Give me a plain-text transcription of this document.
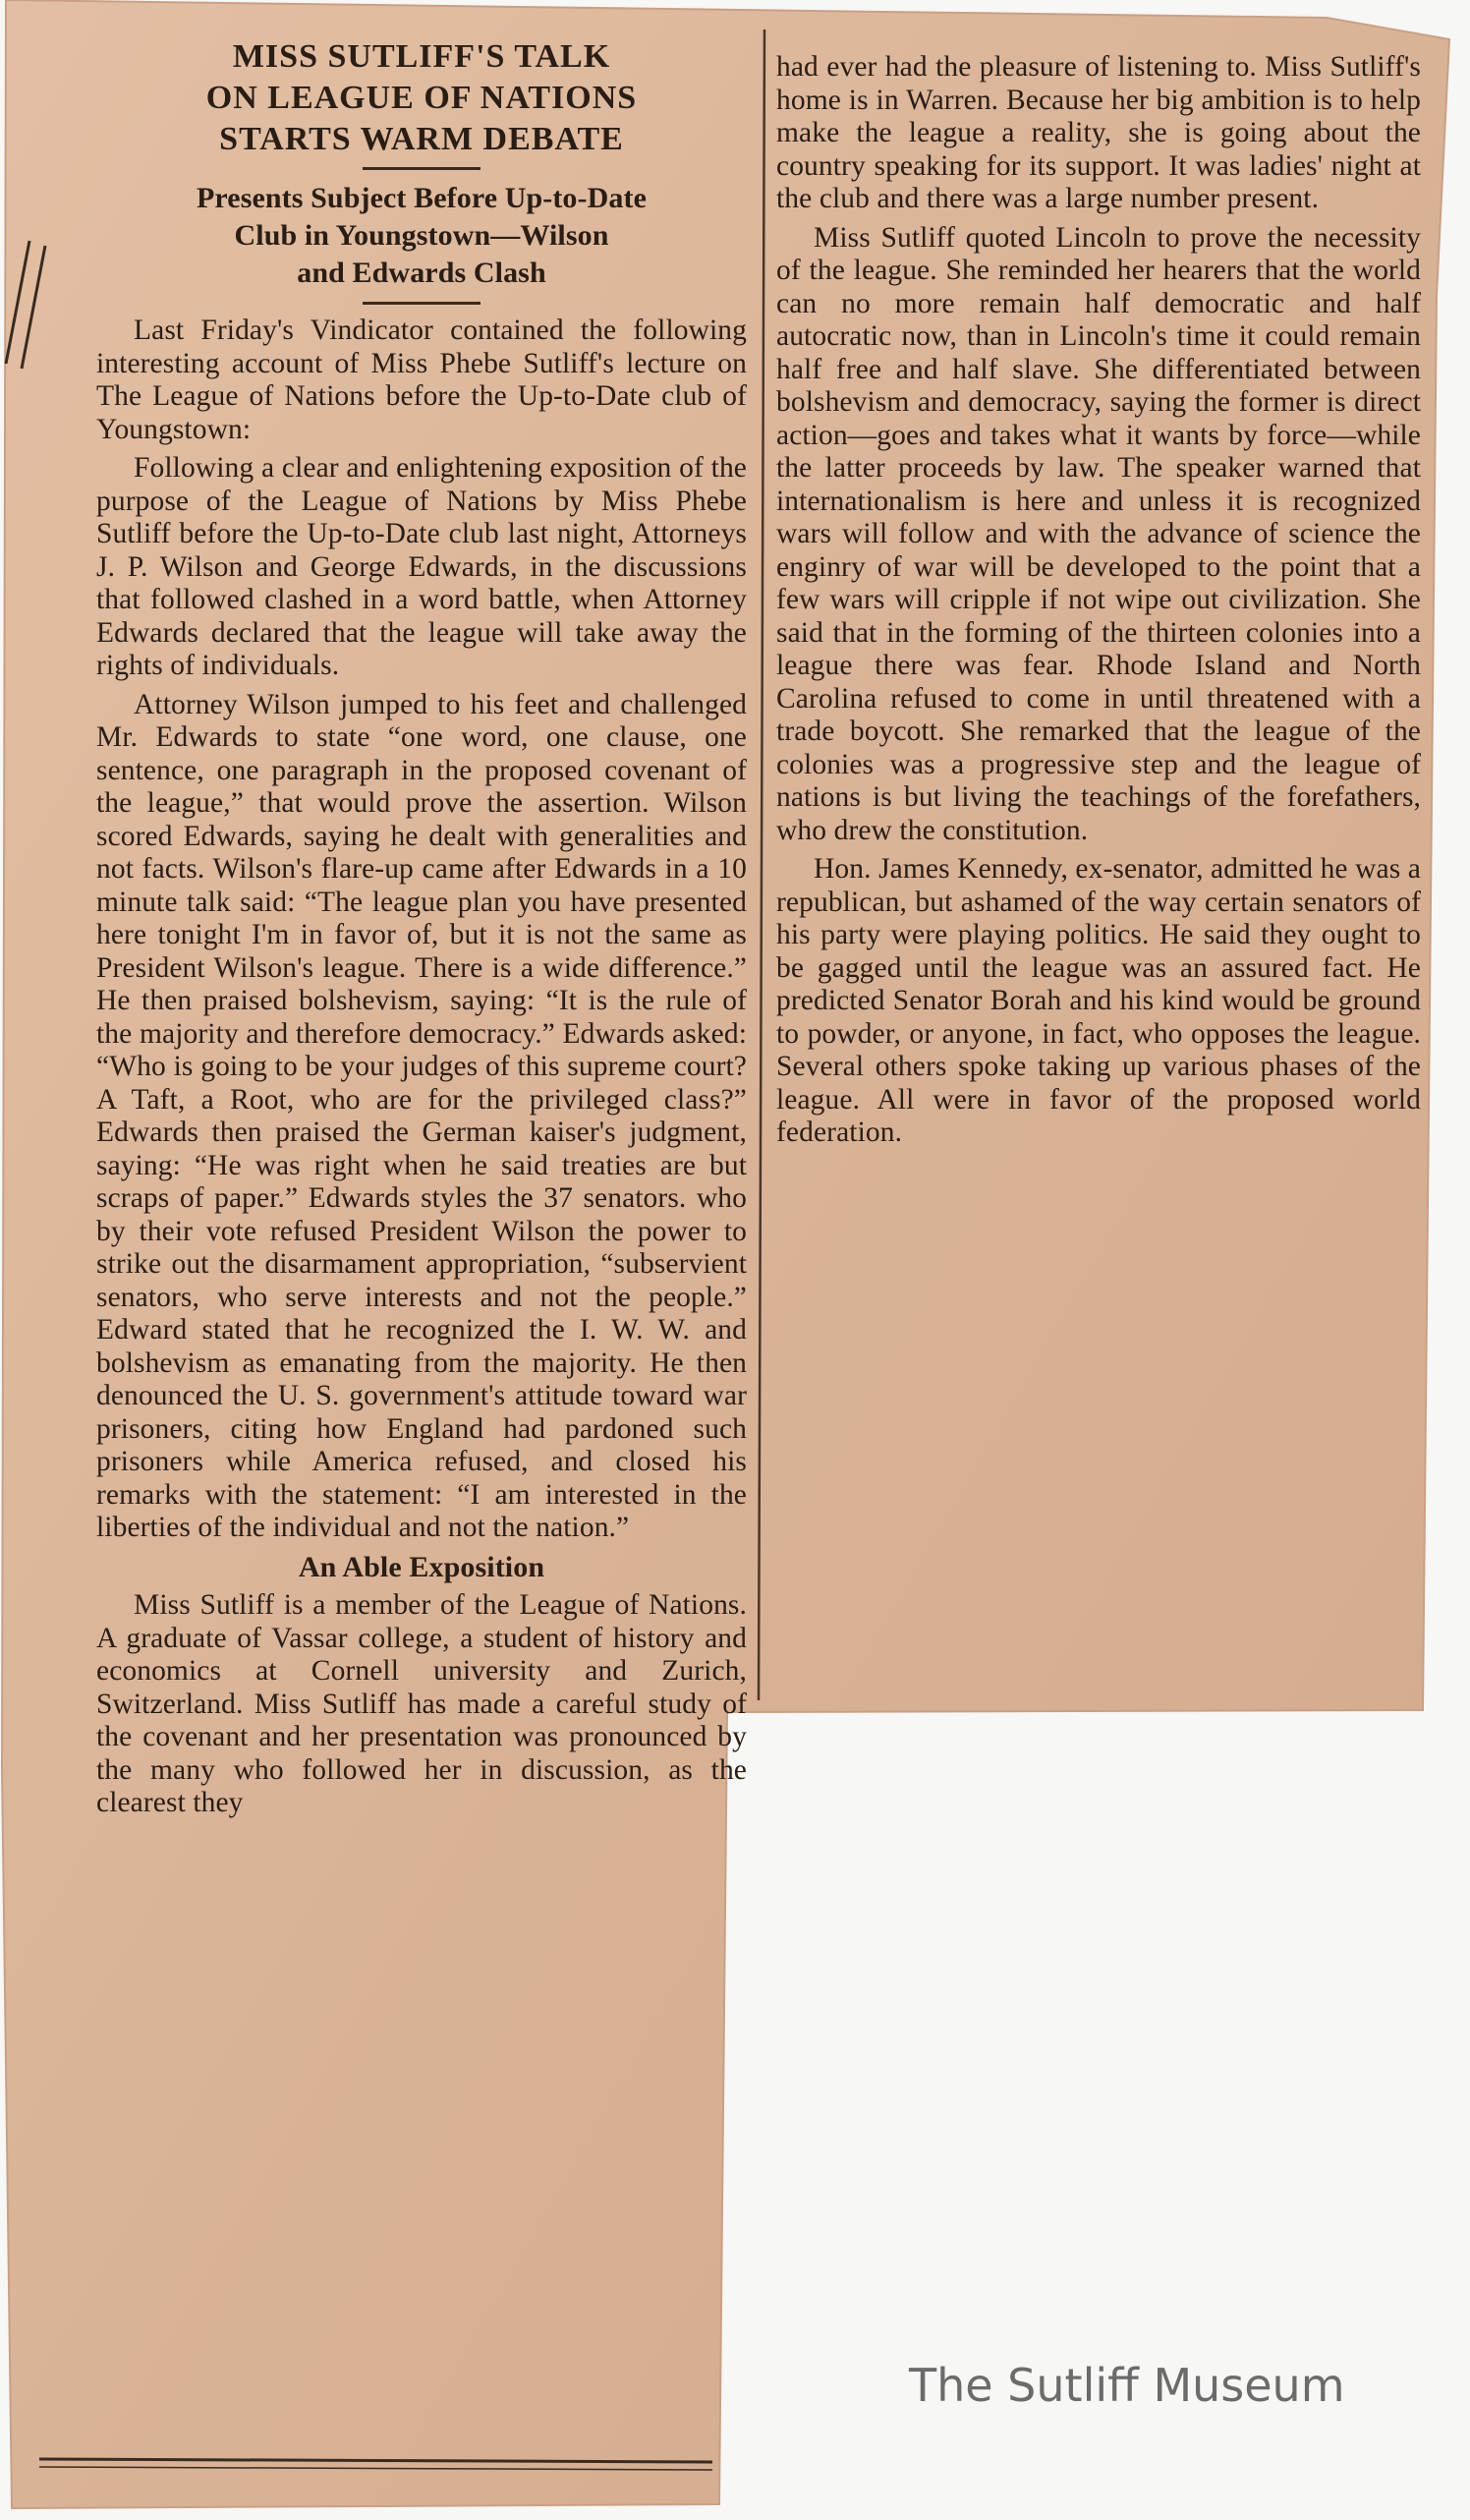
MISS SUTLIFF'S TALK

ON LEAGUE OF NATIONS

STARTS WARM DEBATE

Presents Subject Before Up-to-Date
Club in Youngstown—Wilson
and Edwards Clash

Last Friday's Vindicator contained the following interesting account of Miss Phebe Sutliff's lecture on The League of Nations before the Up-to-Date club of Youngstown:

Following a clear and enlightening exposition of the purpose of the League of Nations by Miss Phebe Sutliff before the Up-to-Date club last night, Attorneys J. P. Wilson and George Edwards, in the discussions that followed clashed in a word battle, when Attorney Edwards declared that the league will take away the rights of individuals.

Attorney Wilson jumped to his feet and challenged Mr. Edwards to state “one word, one clause, one sentence, one paragraph in the proposed covenant of the league,” that would prove the assertion. Wilson scored Edwards, saying he dealt with generalities and not facts. Wilson's flare-up came after Edwards in a 10 minute talk said: “The league plan you have presented here tonight I'm in favor of, but it is not the same as President Wilson's league. There is a wide difference.” He then praised bolshevism, saying: “It is the rule of the majority and therefore democracy.” Edwards asked: “Who is going to be your judges of this supreme court? A Taft, a Root, who are for the privileged class?” Edwards then praised the German kaiser's judgment, saying: “He was right when he said treaties are but scraps of paper.” Edwards styles the 37 senators. who by their vote refused President Wilson the power to strike out the disarmament appropriation, “subservient senators, who serve interests and not the people.” Edward stated that he recognized the I. W. W. and bolshevism as emanating from the majority. He then denounced the U. S. government's attitude toward war prisoners, citing how England had pardoned such prisoners while America refused, and closed his remarks with the statement: “I am interested in the liberties of the individual and not the nation.”

An Able Exposition

Miss Sutliff is a member of the League of Nations. A graduate of Vassar college, a student of history and economics at Cornell university and Zurich, Switzerland. Miss Sutliff has made a careful study of the covenant and her presentation was pronounced by the many who followed her in discussion, as the clearest they

had ever had the pleasure of listening to. Miss Sutliff's home is in Warren. Because her big ambition is to help make the league a reality, she is going about the country speaking for its support. It was ladies' night at the club and there was a large number present.

Miss Sutliff quoted Lincoln to prove the necessity of the league. She reminded her hearers that the world can no more remain half democratic and half autocratic now, than in Lincoln's time it could remain half free and half slave. She differentiated between bolshevism and democracy, saying the former is direct action—goes and takes what it wants by force—while the latter proceeds by law. The speaker warned that internationalism is here and unless it is recognized wars will follow and with the advance of science the enginry of war will be developed to the point that a few wars will cripple if not wipe out civilization. She said that in the forming of the thirteen colonies into a league there was fear. Rhode Island and North Carolina refused to come in until threatened with a trade boycott. She remarked that the league of the colonies was a progressive step and the league of nations is but living the teachings of the forefathers, who drew the constitution.

Hon. James Kennedy, ex-senator, admitted he was a republican, but ashamed of the way certain senators of his party were playing politics. He said they ought to be gagged until the league was an assured fact. He predicted Senator Borah and his kind would be ground to powder, or anyone, in fact, who opposes the league. Several others spoke taking up various phases of the league. All were in favor of the proposed world federation.

The Sutliff Museum
